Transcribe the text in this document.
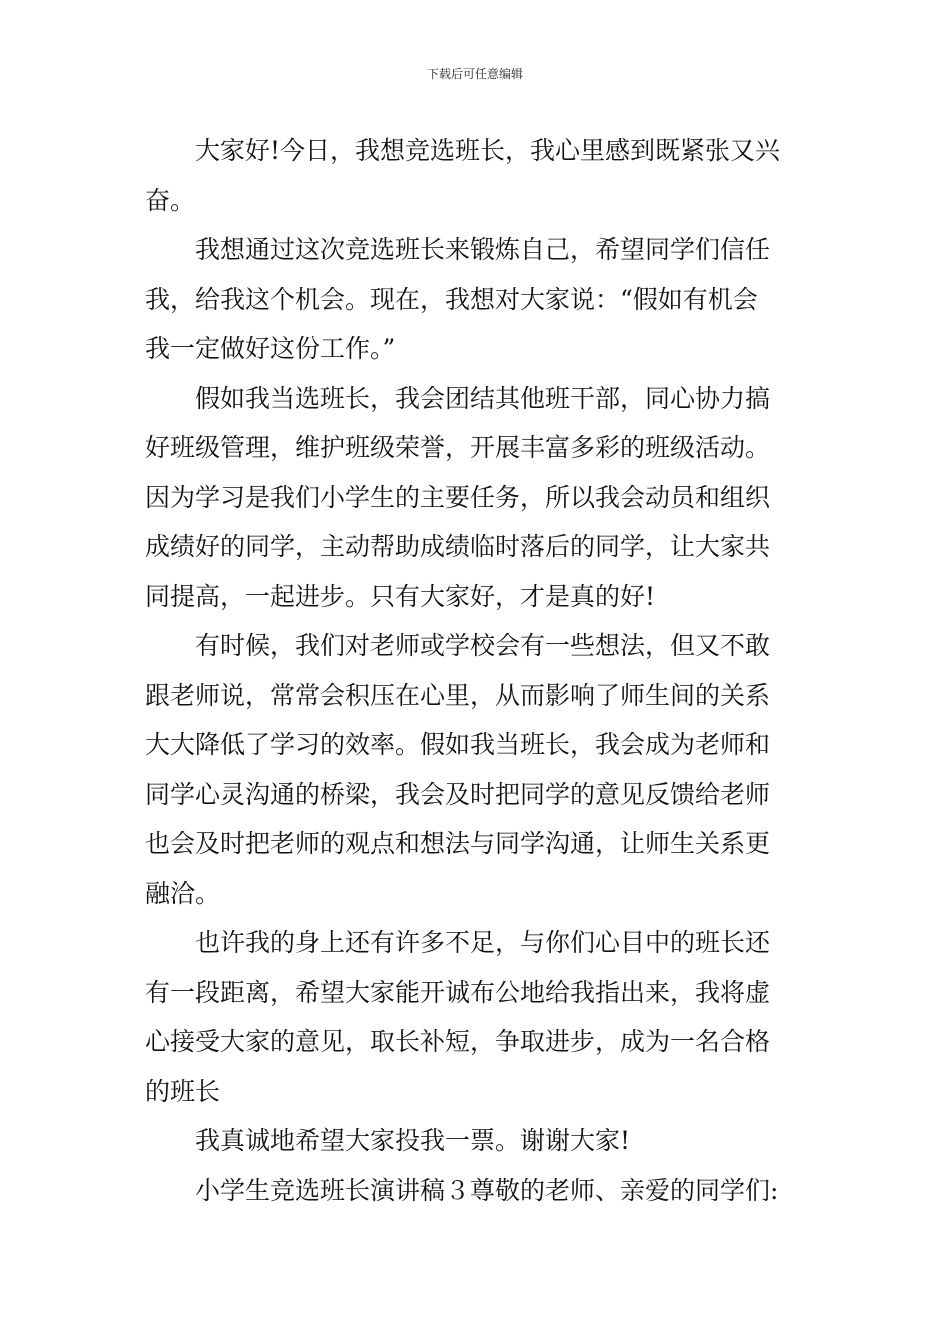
下载后可任意编辑
大家好!今日，我想竞选班长，我心里感到既紧张又兴
奋。
我想通过这次竞选班长来锻炼自己，希望同学们信任
我，给我这个机会。现在，我想对大家说：“假如有机会
我一定做好这份工作。”
假如我当选班长，我会团结其他班干部，同心协力搞
好班级管理，维护班级荣誉，开展丰富多彩的班级活动。
因为学习是我们小学生的主要任务，所以我会动员和组织
成绩好的同学，主动帮助成绩临时落后的同学，让大家共
同提高，一起进步。只有大家好，才是真的好!
有时候，我们对老师或学校会有一些想法，但又不敢
跟老师说，常常会积压在心里，从而影响了师生间的关系
大大降低了学习的效率。假如我当班长，我会成为老师和
同学心灵沟通的桥梁，我会及时把同学的意见反馈给老师
也会及时把老师的观点和想法与同学沟通，让师生关系更
融洽。
也许我的身上还有许多不足，与你们心目中的班长还
有一段距离，希望大家能开诚布公地给我指出来，我将虚
心接受大家的意见，取长补短，争取进步，成为一名合格
的班长
我真诚地希望大家投我一票。谢谢大家!
小学生竞选班长演讲稿３尊敬的老师、亲爱的同学们:
